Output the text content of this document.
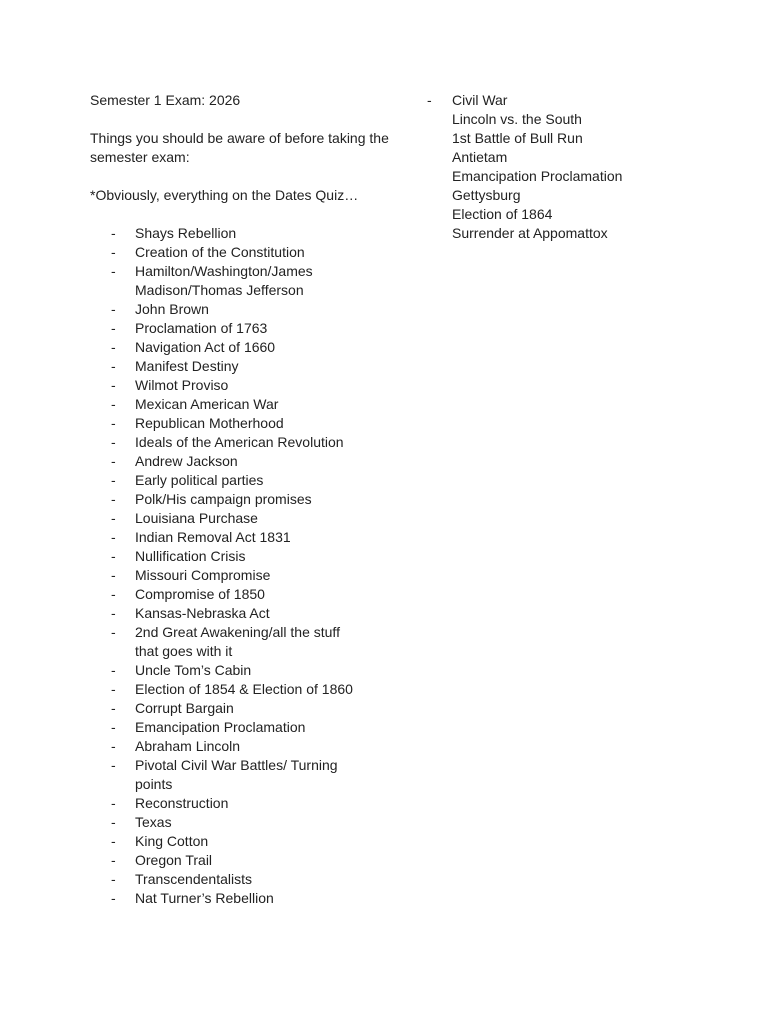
Semester 1 Exam: 2026

Things you should be aware of before taking the semester exam:

*Obviously, everything on the Dates Quiz…

- Shays Rebellion
- Creation of the Constitution
- Hamilton/Washington/James Madison/Thomas Jefferson
- John Brown
- Proclamation of 1763
- Navigation Act of 1660
- Manifest Destiny
- Wilmot Proviso
- Mexican American War
- Republican Motherhood
- Ideals of the American Revolution
- Andrew Jackson
- Early political parties
- Polk/His campaign promises
- Louisiana Purchase
- Indian Removal Act 1831
- Nullification Crisis
- Missouri Compromise
- Compromise of 1850
- Kansas-Nebraska Act
- 2nd Great Awakening/all the stuff that goes with it
- Uncle Tom’s Cabin
- Election of 1854 & Election of 1860
- Corrupt Bargain
- Emancipation Proclamation
- Abraham Lincoln
- Pivotal Civil War Battles/ Turning points
- Reconstruction
- Texas
- King Cotton
- Oregon Trail
- Transcendentalists
- Nat Turner’s Rebellion
- Civil War
Lincoln vs. the South
1st Battle of Bull Run
Antietam
Emancipation Proclamation
Gettysburg
Election of 1864
Surrender at Appomattox
